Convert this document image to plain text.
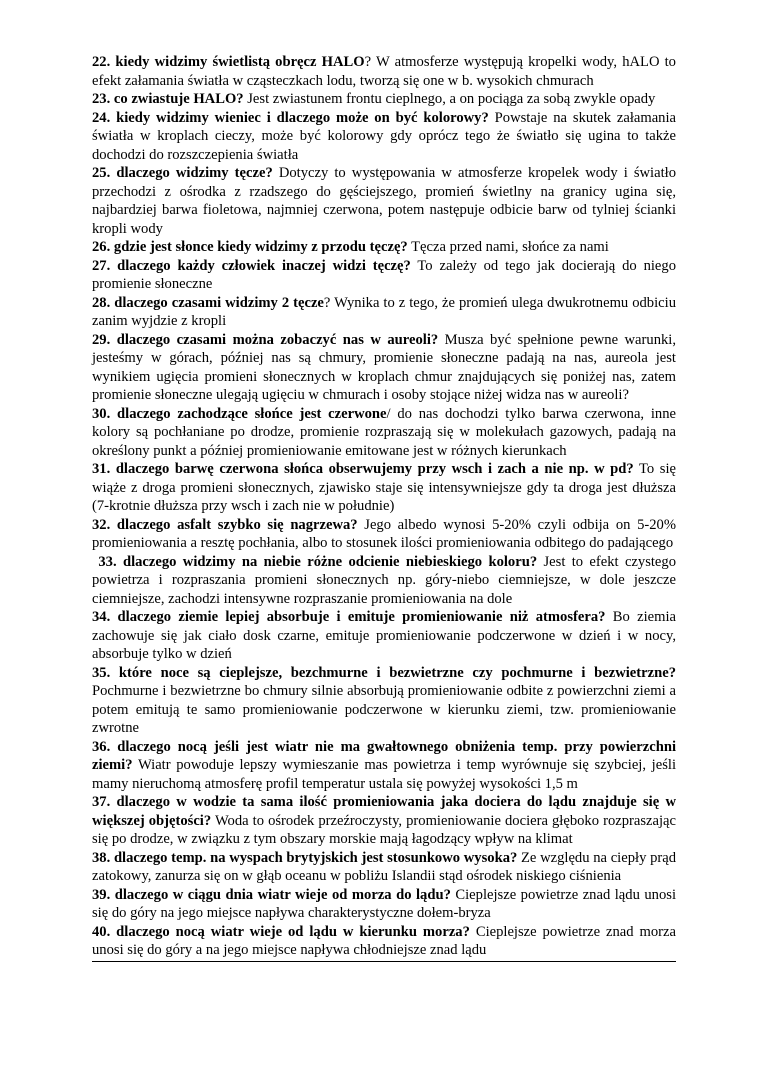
22. kiedy widzimy świetlistą obręcz HALO? W atmosferze występują kropelki wody, hALO to efekt załamania światła w cząsteczkach lodu, tworzą się one w b. wysokich chmurach

23. co zwiastuje HALO? Jest zwiastunem frontu cieplnego, a on pociąga za sobą zwykle opady

24. kiedy widzimy wieniec i dlaczego może on być kolorowy? Powstaje na skutek załamania światła w kroplach cieczy, może być kolorowy gdy oprócz tego że światło się ugina to także dochodzi do rozszczepienia światła

25. dlaczego widzimy tęcze? Dotyczy to występowania w atmosferze kropelek wody i światło przechodzi z ośrodka z rzadszego do gęściejszego, promień świetlny na granicy ugina się, najbardziej barwa fioletowa, najmniej czerwona, potem następuje odbicie barw od tylniej ścianki kropli wody

26. gdzie jest słonce kiedy widzimy z przodu tęczę? Tęcza przed nami, słońce za nami

27. dlaczego każdy człowiek inaczej widzi tęczę? To zależy od tego jak docierają do niego promienie słoneczne

28. dlaczego czasami widzimy 2 tęcze? Wynika to z tego, że promień ulega dwukrotnemu odbiciu zanim wyjdzie z kropli

29. dlaczego czasami można zobaczyć nas w aureoli? Musza być spełnione pewne warunki, jesteśmy w górach, później nas są chmury, promienie słoneczne padają na nas, aureola jest wynikiem ugięcia promieni słonecznych w kroplach chmur znajdujących się poniżej nas, zatem promienie słoneczne ulegają ugięciu w chmurach i osoby stojące niżej widza nas w aureoli?

30. dlaczego zachodzące słońce jest czerwone/ do nas dochodzi tylko barwa czerwona, inne kolory są pochłaniane po drodze, promienie rozpraszają się w molekułach gazowych, padają na określony punkt a później promieniowanie emitowane jest w różnych kierunkach

31. dlaczego barwę czerwona słońca obserwujemy przy wsch i zach a nie np. w pd? To się wiąże z droga promieni słonecznych, zjawisko staje się intensywniejsze gdy ta droga jest dłuższa (7-krotnie dłuższa przy wsch i zach nie w południe)

32. dlaczego asfalt szybko się nagrzewa? Jego albedo wynosi 5-20% czyli odbija on 5-20% promieniowania a resztę pochłania, albo to stosunek ilości promieniowania odbitego do padającego

33. dlaczego widzimy na niebie różne odcienie niebieskiego koloru? Jest to efekt czystego powietrza i rozpraszania promieni słonecznych np. góry-niebo ciemniejsze, w dole jeszcze ciemniejsze, zachodzi intensywne rozpraszanie promieniowania na dole

34. dlaczego ziemie lepiej absorbuje i emituje promieniowanie niż atmosfera? Bo ziemia zachowuje się jak ciało dosk czarne, emituje promieniowanie podczerwone w dzień i w nocy, absorbuje tylko w dzień

35. które noce są cieplejsze, bezchmurne i bezwietrzne czy pochmurne i bezwietrzne? Pochmurne i bezwietrzne bo chmury silnie absorbują promieniowanie odbite z powierzchni ziemi a potem emitują te samo promieniowanie podczerwone w kierunku ziemi, tzw. promieniowanie zwrotne

36. dlaczego nocą jeśli jest wiatr nie ma gwałtownego obniżenia temp. przy powierzchni ziemi? Wiatr powoduje lepszy wymieszanie mas powietrza i temp wyrównuje się szybciej, jeśli mamy nieruchomą atmosferę profil temperatur ustala się powyżej wysokości 1,5 m

37. dlaczego w wodzie ta sama ilość promieniowania jaka dociera do lądu znajduje się w większej objętości? Woda to ośrodek przeźroczysty, promieniowanie dociera głęboko rozpraszając się po drodze, w związku z tym obszary morskie mają łagodzący wpływ na klimat

38. dlaczego temp. na wyspach brytyjskich jest stosunkowo wysoka? Ze względu na ciepły prąd zatokowy, zanurza się on w głąb oceanu w pobliżu Islandii stąd ośrodek niskiego ciśnienia

39. dlaczego w ciągu dnia wiatr wieje od morza do lądu? Cieplejsze powietrze znad lądu unosi się do góry na jego miejsce napływa charakterystyczne dołem-bryza

40. dlaczego nocą wiatr wieje od lądu w kierunku morza? Cieplejsze powietrze znad morza unosi się do góry a na jego miejsce napływa chłodniejsze znad lądu
